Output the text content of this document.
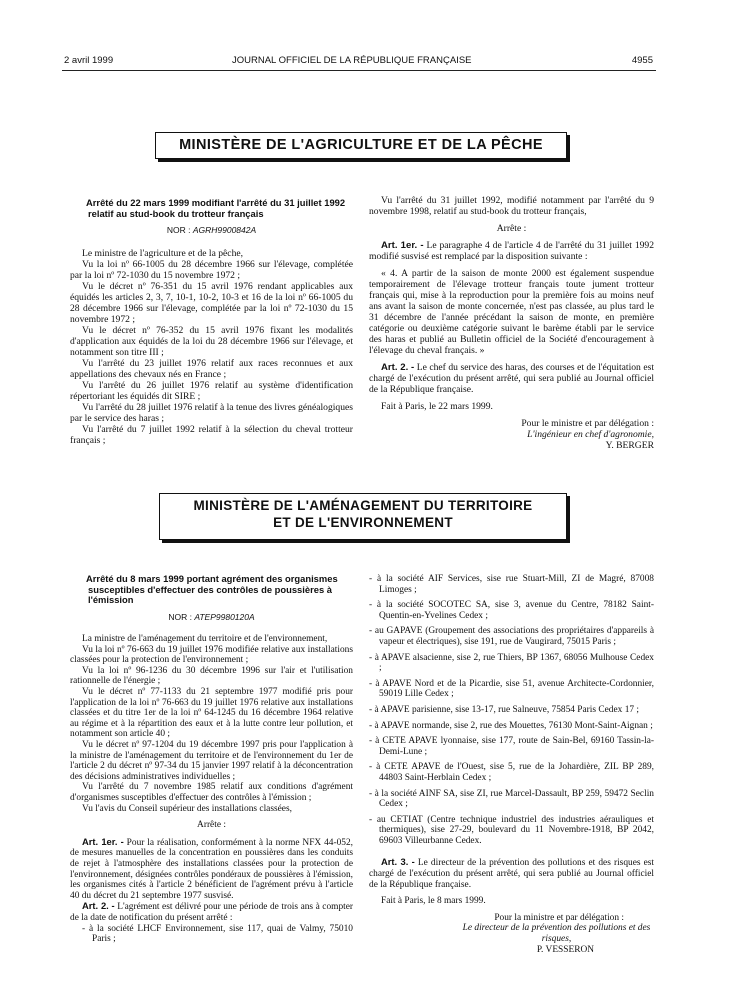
2 avril 1999	JOURNAL OFFICIEL DE LA RÉPUBLIQUE FRANÇAISE	4955
MINISTÈRE DE L'AGRICULTURE ET DE LA PÊCHE
Arrêté du 22 mars 1999 modifiant l'arrêté du 31 juillet 1992 relatif au stud-book du trotteur français
NOR : AGRH9900842A

Le ministre de l'agriculture et de la pêche,

Vu la loi nº 66-1005 du 28 décembre 1966 sur l'élevage, complétée par la loi nº 72-1030 du 15 novembre 1972 ;

Vu le décret nº 76-351 du 15 avril 1976 rendant applicables aux équidés les articles 2, 3, 7, 10-1, 10-2, 10-3 et 16 de la loi nº 66-1005 du 28 décembre 1966 sur l'élevage, complétée par la loi nº 72-1030 du 15 novembre 1972 ;

Vu le décret nº 76-352 du 15 avril 1976 fixant les modalités d'application aux équidés de la loi du 28 décembre 1966 sur l'élevage, et notamment son titre III ;

Vu l'arrêté du 23 juillet 1976 relatif aux races reconnues et aux appellations des chevaux nés en France ;

Vu l'arrêté du 26 juillet 1976 relatif au système d'identification répertoriant les équidés dit SIRE ;

Vu l'arrêté du 28 juillet 1976 relatif à la tenue des livres généalogiques par le service des haras ;

Vu l'arrêté du 7 juillet 1992 relatif à la sélection du cheval trotteur français ;

Vu l'arrêté du 31 juillet 1992, modifié notamment par l'arrêté du 9 novembre 1998, relatif au stud-book du trotteur français,

Arrête :

Art. 1er. - Le paragraphe 4 de l'article 4 de l'arrêté du 31 juillet 1992 modifié susvisé est remplacé par la disposition suivante :

« 4. A partir de la saison de monte 2000 est également suspendue temporairement de l'élevage trotteur français toute jument trotteur français qui, mise à la reproduction pour la première fois au moins neuf ans avant la saison de monte concernée, n'est pas classée, au plus tard le 31 décembre de l'année précédant la saison de monte, en première catégorie ou deuxième catégorie suivant le barème établi par le service des haras et publié au Bulletin officiel de la Société d'encouragement à l'élevage du cheval français. »

Art. 2. - Le chef du service des haras, des courses et de l'équitation est chargé de l'exécution du présent arrêté, qui sera publié au Journal officiel de la République française.

Fait à Paris, le 22 mars 1999.

Pour le ministre et par délégation :

L'ingénieur en chef d'agronomie,

Y. BERGER

MINISTÈRE DE L'AMÉNAGEMENT DU TERRITOIRE
ET DE L'ENVIRONNEMENT
Arrêté du 8 mars 1999 portant agrément des organismes susceptibles d'effectuer des contrôles de poussières à l'émission
NOR : ATEP9980120A

La ministre de l'aménagement du territoire et de l'environnement,

Vu la loi nº 76-663 du 19 juillet 1976 modifiée relative aux installations classées pour la protection de l'environnement ;

Vu la loi nº 96-1236 du 30 décembre 1996 sur l'air et l'utilisation rationnelle de l'énergie ;

Vu le décret nº 77-1133 du 21 septembre 1977 modifié pris pour l'application de la loi nº 76-663 du 19 juillet 1976 relative aux installations classées et du titre 1er de la loi nº 64-1245 du 16 décembre 1964 relative au régime et à la répartition des eaux et à la lutte contre leur pollution, et notamment son article 40 ;

Vu le décret nº 97-1204 du 19 décembre 1997 pris pour l'application à la ministre de l'aménagement du territoire et de l'environnement du 1er de l'article 2 du décret nº 97-34 du 15 janvier 1997 relatif à la déconcentration des décisions administratives individuelles ;

Vu l'arrêté du 7 novembre 1985 relatif aux conditions d'agrément d'organismes susceptibles d'effectuer des contrôles à l'émission ;

Vu l'avis du Conseil supérieur des installations classées,

Arrête :

Art. 1er. - Pour la réalisation, conformément à la norme NFX 44-052, de mesures manuelles de la concentration en poussières dans les conduits de rejet à l'atmosphère des installations classées pour la protection de l'environnement, désignées contrôles pondéraux de poussières à l'émission, les organismes cités à l'article 2 bénéficient de l'agrément prévu à l'article 40 du décret du 21 septembre 1977 susvisé.

Art. 2. - L'agrément est délivré pour une période de trois ans à compter de la date de notification du présent arrêté :

- à la société LHCF Environnement, sise 117, quai de Valmy, 75010 Paris ;
- à la société AIF Services, sise rue Stuart-Mill, ZI de Magré, 87008 Limoges ;
- à la société SOCOTEC SA, sise 3, avenue du Centre, 78182 Saint-Quentin-en-Yvelines Cedex ;
- au GAPAVE (Groupement des associations des propriétaires d'appareils à vapeur et électriques), sise 191, rue de Vaugirard, 75015 Paris ;
- à APAVE alsacienne, sise 2, rue Thiers, BP 1367, 68056 Mulhouse Cedex ;
- à APAVE Nord et de la Picardie, sise 51, avenue Architecte-Cordonnier, 59019 Lille Cedex ;
- à APAVE parisienne, sise 13-17, rue Salneuve, 75854 Paris Cedex 17 ;
- à APAVE normande, sise 2, rue des Mouettes, 76130 Mont-Saint-Aignan ;
- à CETE APAVE lyonnaise, sise 177, route de Sain-Bel, 69160 Tassin-la-Demi-Lune ;
- à CETE APAVE de l'Ouest, sise 5, rue de la Johardière, ZIL BP 289, 44803 Saint-Herblain Cedex ;
- à la société AINF SA, sise ZI, rue Marcel-Dassault, BP 259, 59472 Seclin Cedex ;
- au CETIAT (Centre technique industriel des industries aérauliques et thermiques), sise 27-29, boulevard du 11 Novembre-1918, BP 2042, 69603 Villeurbanne Cedex.

Art. 3. - Le directeur de la prévention des pollutions et des risques est chargé de l'exécution du présent arrêté, qui sera publié au Journal officiel de la République française.

Fait à Paris, le 8 mars 1999.

Pour la ministre et par délégation :

Le directeur de la prévention des pollutions et des risques,

P. VESSERON
